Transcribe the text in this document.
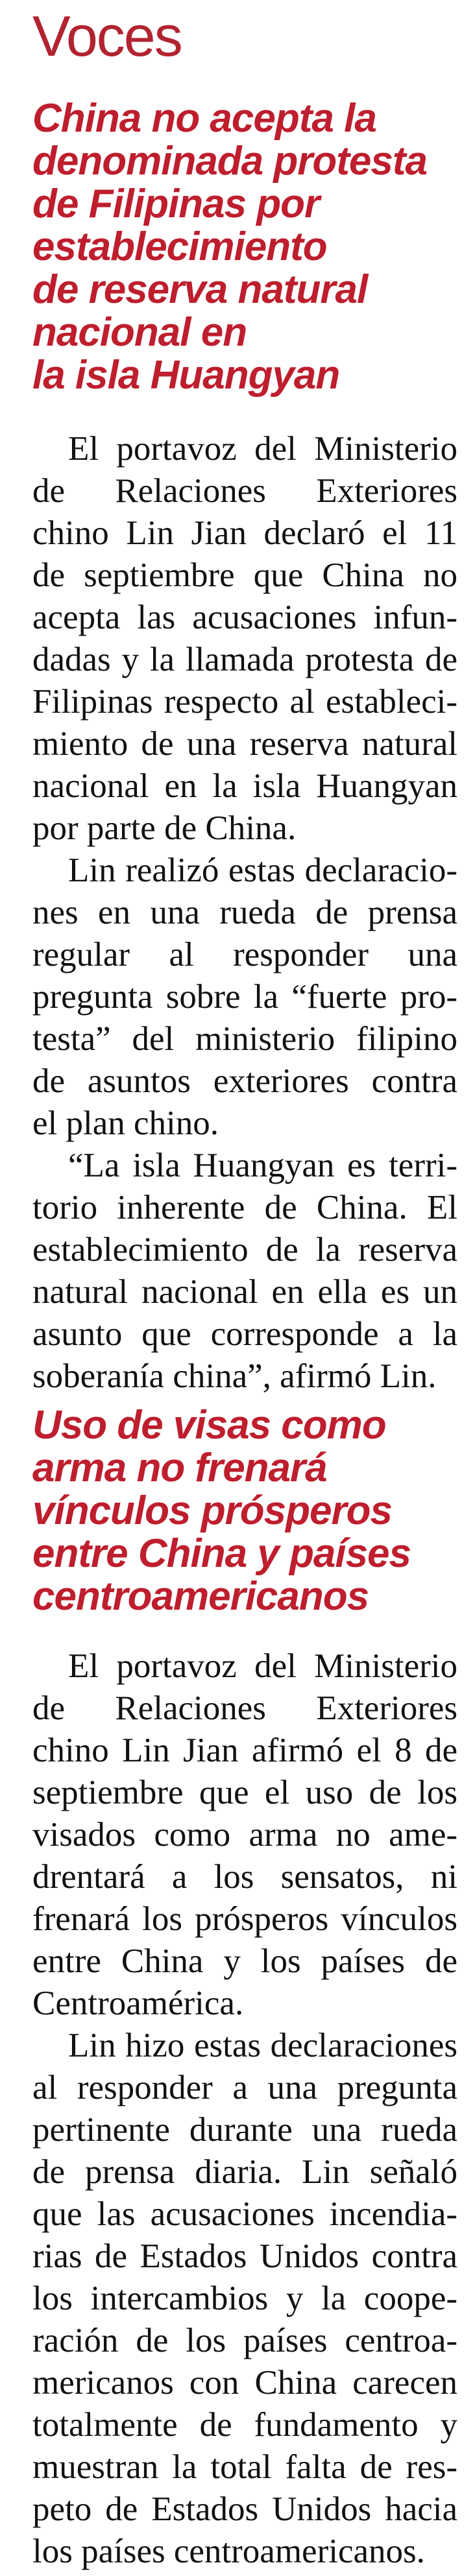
Voces
China no acepta la
denominada protesta
de Filipinas por
establecimiento
de reserva natural
nacional en
la isla Huangyan
El portavoz del Ministerio
de Relaciones Exteriores
chino Lin Jian declaró el 11
de septiembre que China no
acepta las acusaciones infun-
dadas y la llamada protesta de
Filipinas respecto al estableci-
miento de una reserva natural
nacional en la isla Huangyan
por parte de China.
Lin realizó estas declaracio-
nes en una rueda de prensa
regular al responder una
pregunta sobre la “fuerte pro-
testa” del ministerio filipino
de asuntos exteriores contra
el plan chino.
“La isla Huangyan es terri-
torio inherente de China. El
establecimiento de la reserva
natural nacional en ella es un
asunto que corresponde a la
soberanía china”, afirmó Lin.
Uso de visas como
arma no frenará
vínculos prósperos
entre China y países
centroamericanos
El portavoz del Ministerio
de Relaciones Exteriores
chino Lin Jian afirmó el 8 de
septiembre que el uso de los
visados como arma no ame-
drentará a los sensatos, ni
frenará los prósperos vínculos
entre China y los países de
Centroamérica.
Lin hizo estas declaraciones
al responder a una pregunta
pertinente durante una rueda
de prensa diaria. Lin señaló
que las acusaciones incendia-
rias de Estados Unidos contra
los intercambios y la coope-
ración de los países centroa-
mericanos con China carecen
totalmente de fundamento y
muestran la total falta de res-
peto de Estados Unidos hacia
los países centroamericanos.
